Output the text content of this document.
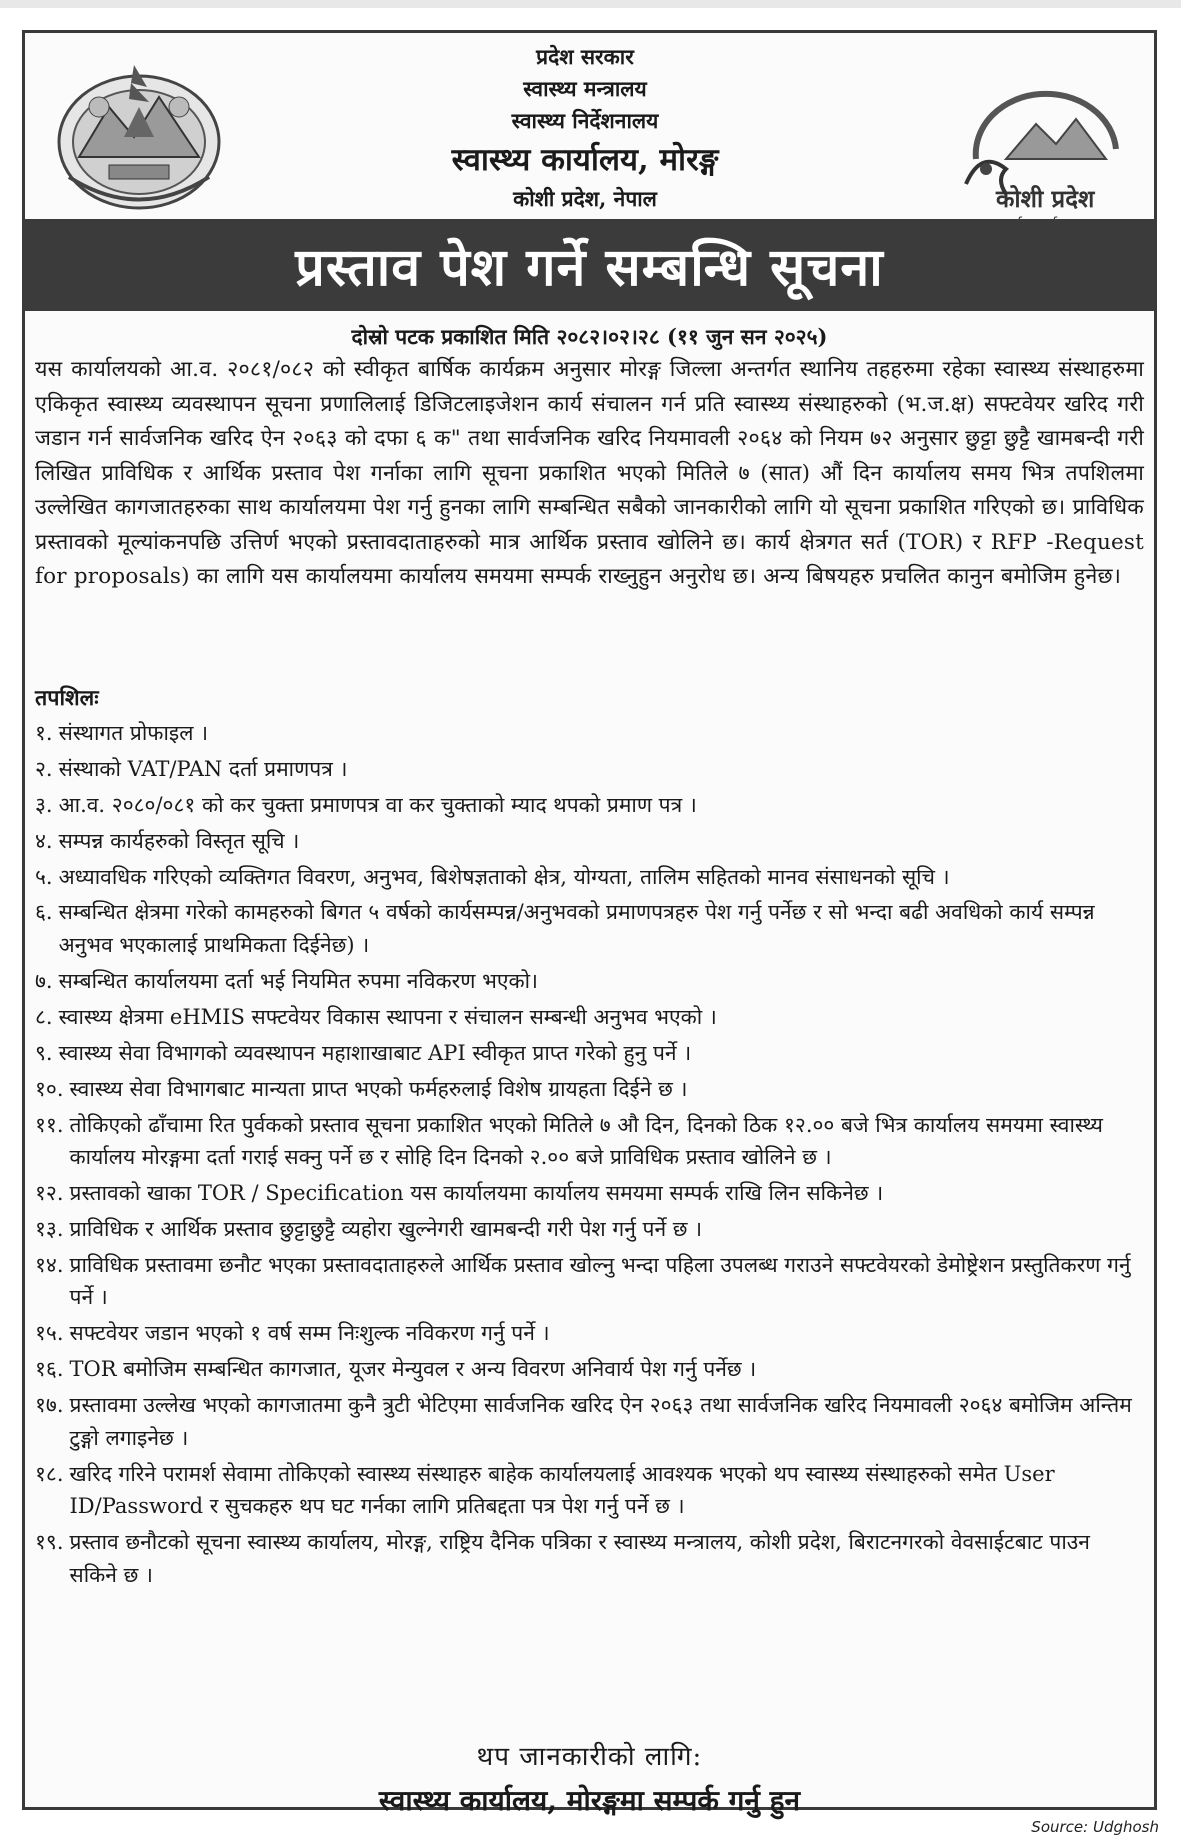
प्रदेश सरकार
स्वास्थ्य मन्त्रालय
स्वास्थ्य निर्देशनालय
स्वास्थ्य कार्यालय, मोरङ्ग
कोशी प्रदेश, नेपाल	कोशी प्रदेश
प्रस्ताव पेश गर्ने सम्बन्धि सूचना
दोस्रो पटक प्रकाशित मिति २०८२।०२।२८ (११ जुन सन २०२५)
यस कार्यालयको आ.व. २०८१/०८२ को स्वीकृत बार्षिक कार्यक्रम अनुसार मोरङ्ग जिल्ला अन्तर्गत स्थानिय तहहरुमा रहेका स्वास्थ्य संस्थाहरुमा एकिकृत स्वास्थ्य व्यवस्थापन सूचना प्रणालिलाई डिजिटलाइजेशन कार्य संचालन गर्न प्रति स्वास्थ्य संस्थाहरुको (भ.ज.क्ष) सफ्टवेयर खरिद गरी जडान गर्न सार्वजनिक खरिद ऐन २०६३ को दफा ६ क" तथा सार्वजनिक खरिद नियमावली २०६४ को नियम ७२ अनुसार छुट्टा छुट्टै खामबन्दी गरी लिखित प्राविधिक र आर्थिक प्रस्ताव पेश गर्नाका लागि सूचना प्रकाशित भएको मितिले ७ (सात) औं दिन कार्यालय समय भित्र तपशिलमा उल्लेखित कागजातहरुका साथ कार्यालयमा पेश गर्नु हुनका लागि सम्बन्धित सबैको जानकारीको लागि यो सूचना प्रकाशित गरिएको छ। प्राविधिक प्रस्तावको मूल्यांकनपछि उत्तिर्ण भएको प्रस्तावदाताहरुको मात्र आर्थिक प्रस्ताव खोलिने छ। कार्य क्षेत्रगत सर्त (TOR) र RFP -Request for proposals) का लागि यस कार्यालयमा कार्यालय समयमा सम्पर्क राख्नुहुन अनुरोध छ। अन्य बिषयहरु प्रचलित कानुन बमोजिम हुनेछ।
तपशिलः
१. संस्थागत प्रोफाइल ।
२. संस्थाको VAT/PAN दर्ता प्रमाणपत्र ।
३. आ.व. २०८०/०८१ को कर चुक्ता प्रमाणपत्र वा कर चुक्ताको म्याद थपको प्रमाण पत्र ।
४. सम्पन्न कार्यहरुको विस्तृत सूचि ।
५. अध्यावधिक गरिएको व्यक्तिगत विवरण, अनुभव, बिशेषज्ञताको क्षेत्र, योग्यता, तालिम सहितको मानव संसाधनको सूचि ।
६. सम्बन्धित क्षेत्रमा गरेको कामहरुको बिगत ५ वर्षको कार्यसम्पन्न/अनुभवको प्रमाणपत्रहरु पेश गर्नु पर्नेछ र सो भन्दा बढी अवधिको कार्य सम्पन्न अनुभव भएकालाई प्राथमिकता दिईनेछ) ।
७. सम्बन्धित कार्यालयमा दर्ता भई नियमित रुपमा नविकरण भएको।
८. स्वास्थ्य क्षेत्रमा eHMIS सफ्टवेयर विकास स्थापना र संचालन सम्बन्धी अनुभव भएको ।
९. स्वास्थ्य सेवा विभागको व्यवस्थापन महाशाखाबाट API स्वीकृत प्राप्त गरेको हुनु पर्ने ।
१०. स्वास्थ्य सेवा विभागबाट मान्यता प्राप्त भएको फर्महरुलाई विशेष ग्रायहता दिईने छ ।
११. तोकिएको ढाँचामा रित पुर्वकको प्रस्ताव सूचना प्रकाशित भएको मितिले ७ औ दिन, दिनको ठिक १२.०० बजे भित्र कार्यालय समयमा स्वास्थ्य कार्यालय मोरङ्गमा दर्ता गराई सक्नु पर्ने छ र सोहि दिन दिनको २.०० बजे प्राविधिक प्रस्ताव खोलिने छ ।
१२. प्रस्तावको खाका TOR / Specification यस कार्यालयमा कार्यालय समयमा सम्पर्क राखि लिन सकिनेछ ।
१३. प्राविधिक र आर्थिक प्रस्ताव छुट्टाछुट्टै व्यहोरा खुल्नेगरी खामबन्दी गरी पेश गर्नु पर्ने छ ।
१४. प्राविधिक प्रस्तावमा छनौट भएका प्रस्तावदाताहरुले आर्थिक प्रस्ताव खोल्नु भन्दा पहिला उपलब्ध गराउने सफ्टवेयरको डेमोष्ट्रेशन प्रस्तुतिकरण गर्नु पर्ने ।
१५. सफ्टवेयर जडान भएको १ वर्ष सम्म निःशुल्क नविकरण गर्नु पर्ने ।
१६. TOR बमोजिम सम्बन्धित कागजात, यूजर मेन्युवल र अन्य विवरण अनिवार्य पेश गर्नु पर्नेछ ।
१७. प्रस्तावमा उल्लेख भएको कागजातमा कुनै त्रुटी भेटिएमा सार्वजनिक खरिद ऐन २०६३ तथा सार्वजनिक खरिद नियमावली २०६४ बमोजिम अन्तिम टुङ्गो लगाइनेछ ।
१८. खरिद गरिने परामर्श सेवामा तोकिएको स्वास्थ्य संस्थाहरु बाहेक कार्यालयलाई आवश्यक भएको थप स्वास्थ्य संस्थाहरुको समेत User ID/Password र सुचकहरु थप घट गर्नका लागि प्रतिबद्दता पत्र पेश गर्नु पर्ने छ ।
१९. प्रस्ताव छनौटको सूचना स्वास्थ्य कार्यालय, मोरङ्ग, राष्ट्रिय दैनिक पत्रिका र स्वास्थ्य मन्त्रालय, कोशी प्रदेश, बिराटनगरको वेवसाईटबाट पाउन सकिने छ ।
थप जानकारीको लागि:
स्वास्थ्य कार्यालय, मोरङ्गमा सम्पर्क गर्नु हुन
Source: Udghosh
